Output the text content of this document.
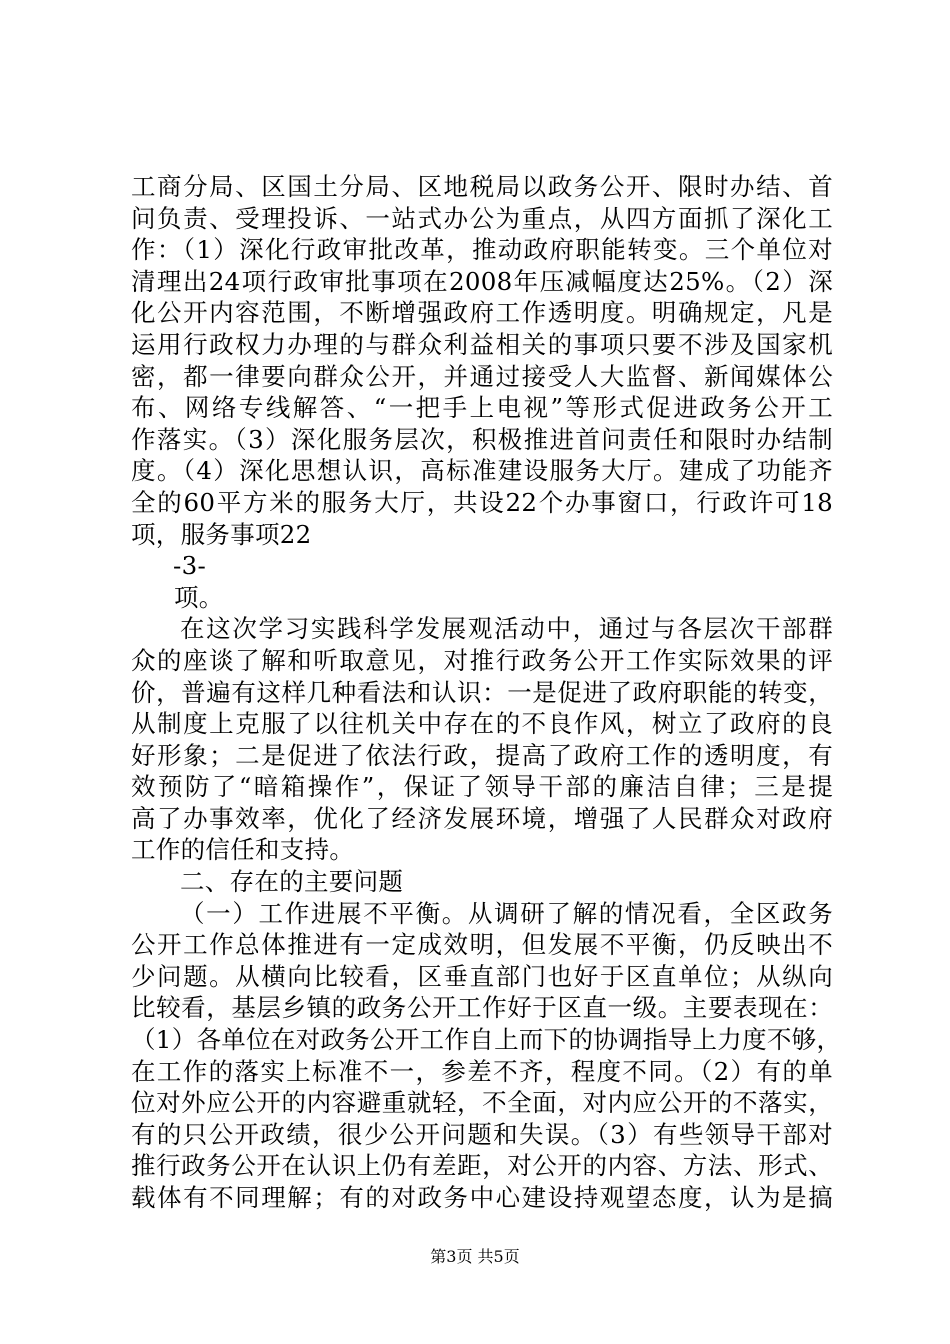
工商分局、区国土分局、区地税局以政务公开、限时办结、首
问负责、受理投诉、一站式办公为重点，从四方面抓了深化工
作：（1）深化行政审批改革，推动政府职能转变。三个单位对
清理出24项行政审批事项在2008年压减幅度达25%。（2）深
化公开内容范围，不断增强政府工作透明度。明确规定，凡是
运用行政权力办理的与群众利益相关的事项只要不涉及国家机
密，都一律要向群众公开，并通过接受人大监督、新闻媒体公
布、网络专线解答、“一把手上电视”等形式促进政务公开工
作落实。（3）深化服务层次，积极推进首问责任和限时办结制
度。（4）深化思想认识，高标准建设服务大厅。建成了功能齐
全的60平方米的服务大厅，共设22个办事窗口，行政许可18
项，服务事项22
-3-
项。
在这次学习实践科学发展观活动中，通过与各层次干部群
众的座谈了解和听取意见，对推行政务公开工作实际效果的评
价，普遍有这样几种看法和认识：一是促进了政府职能的转变，
从制度上克服了以往机关中存在的不良作风，树立了政府的良
好形象；二是促进了依法行政，提高了政府工作的透明度，有
效预防了“暗箱操作”，保证了领导干部的廉洁自律；三是提
高了办事效率，优化了经济发展环境，增强了人民群众对政府
工作的信任和支持。
二、存在的主要问题
（一）工作进展不平衡。从调研了解的情况看，全区政务
公开工作总体推进有一定成效明，但发展不平衡，仍反映出不
少问题。从横向比较看，区垂直部门也好于区直单位；从纵向
比较看，基层乡镇的政务公开工作好于区直一级。主要表现在：
（1）各单位在对政务公开工作自上而下的协调指导上力度不够，
在工作的落实上标准不一，参差不齐，程度不同。（2）有的单
位对外应公开的内容避重就轻，不全面，对内应公开的不落实，
有的只公开政绩，很少公开问题和失误。（3）有些领导干部对
推行政务公开在认识上仍有差距，对公开的内容、方法、形式、
载体有不同理解；有的对政务中心建设持观望态度，认为是搞
第3页 共5页
